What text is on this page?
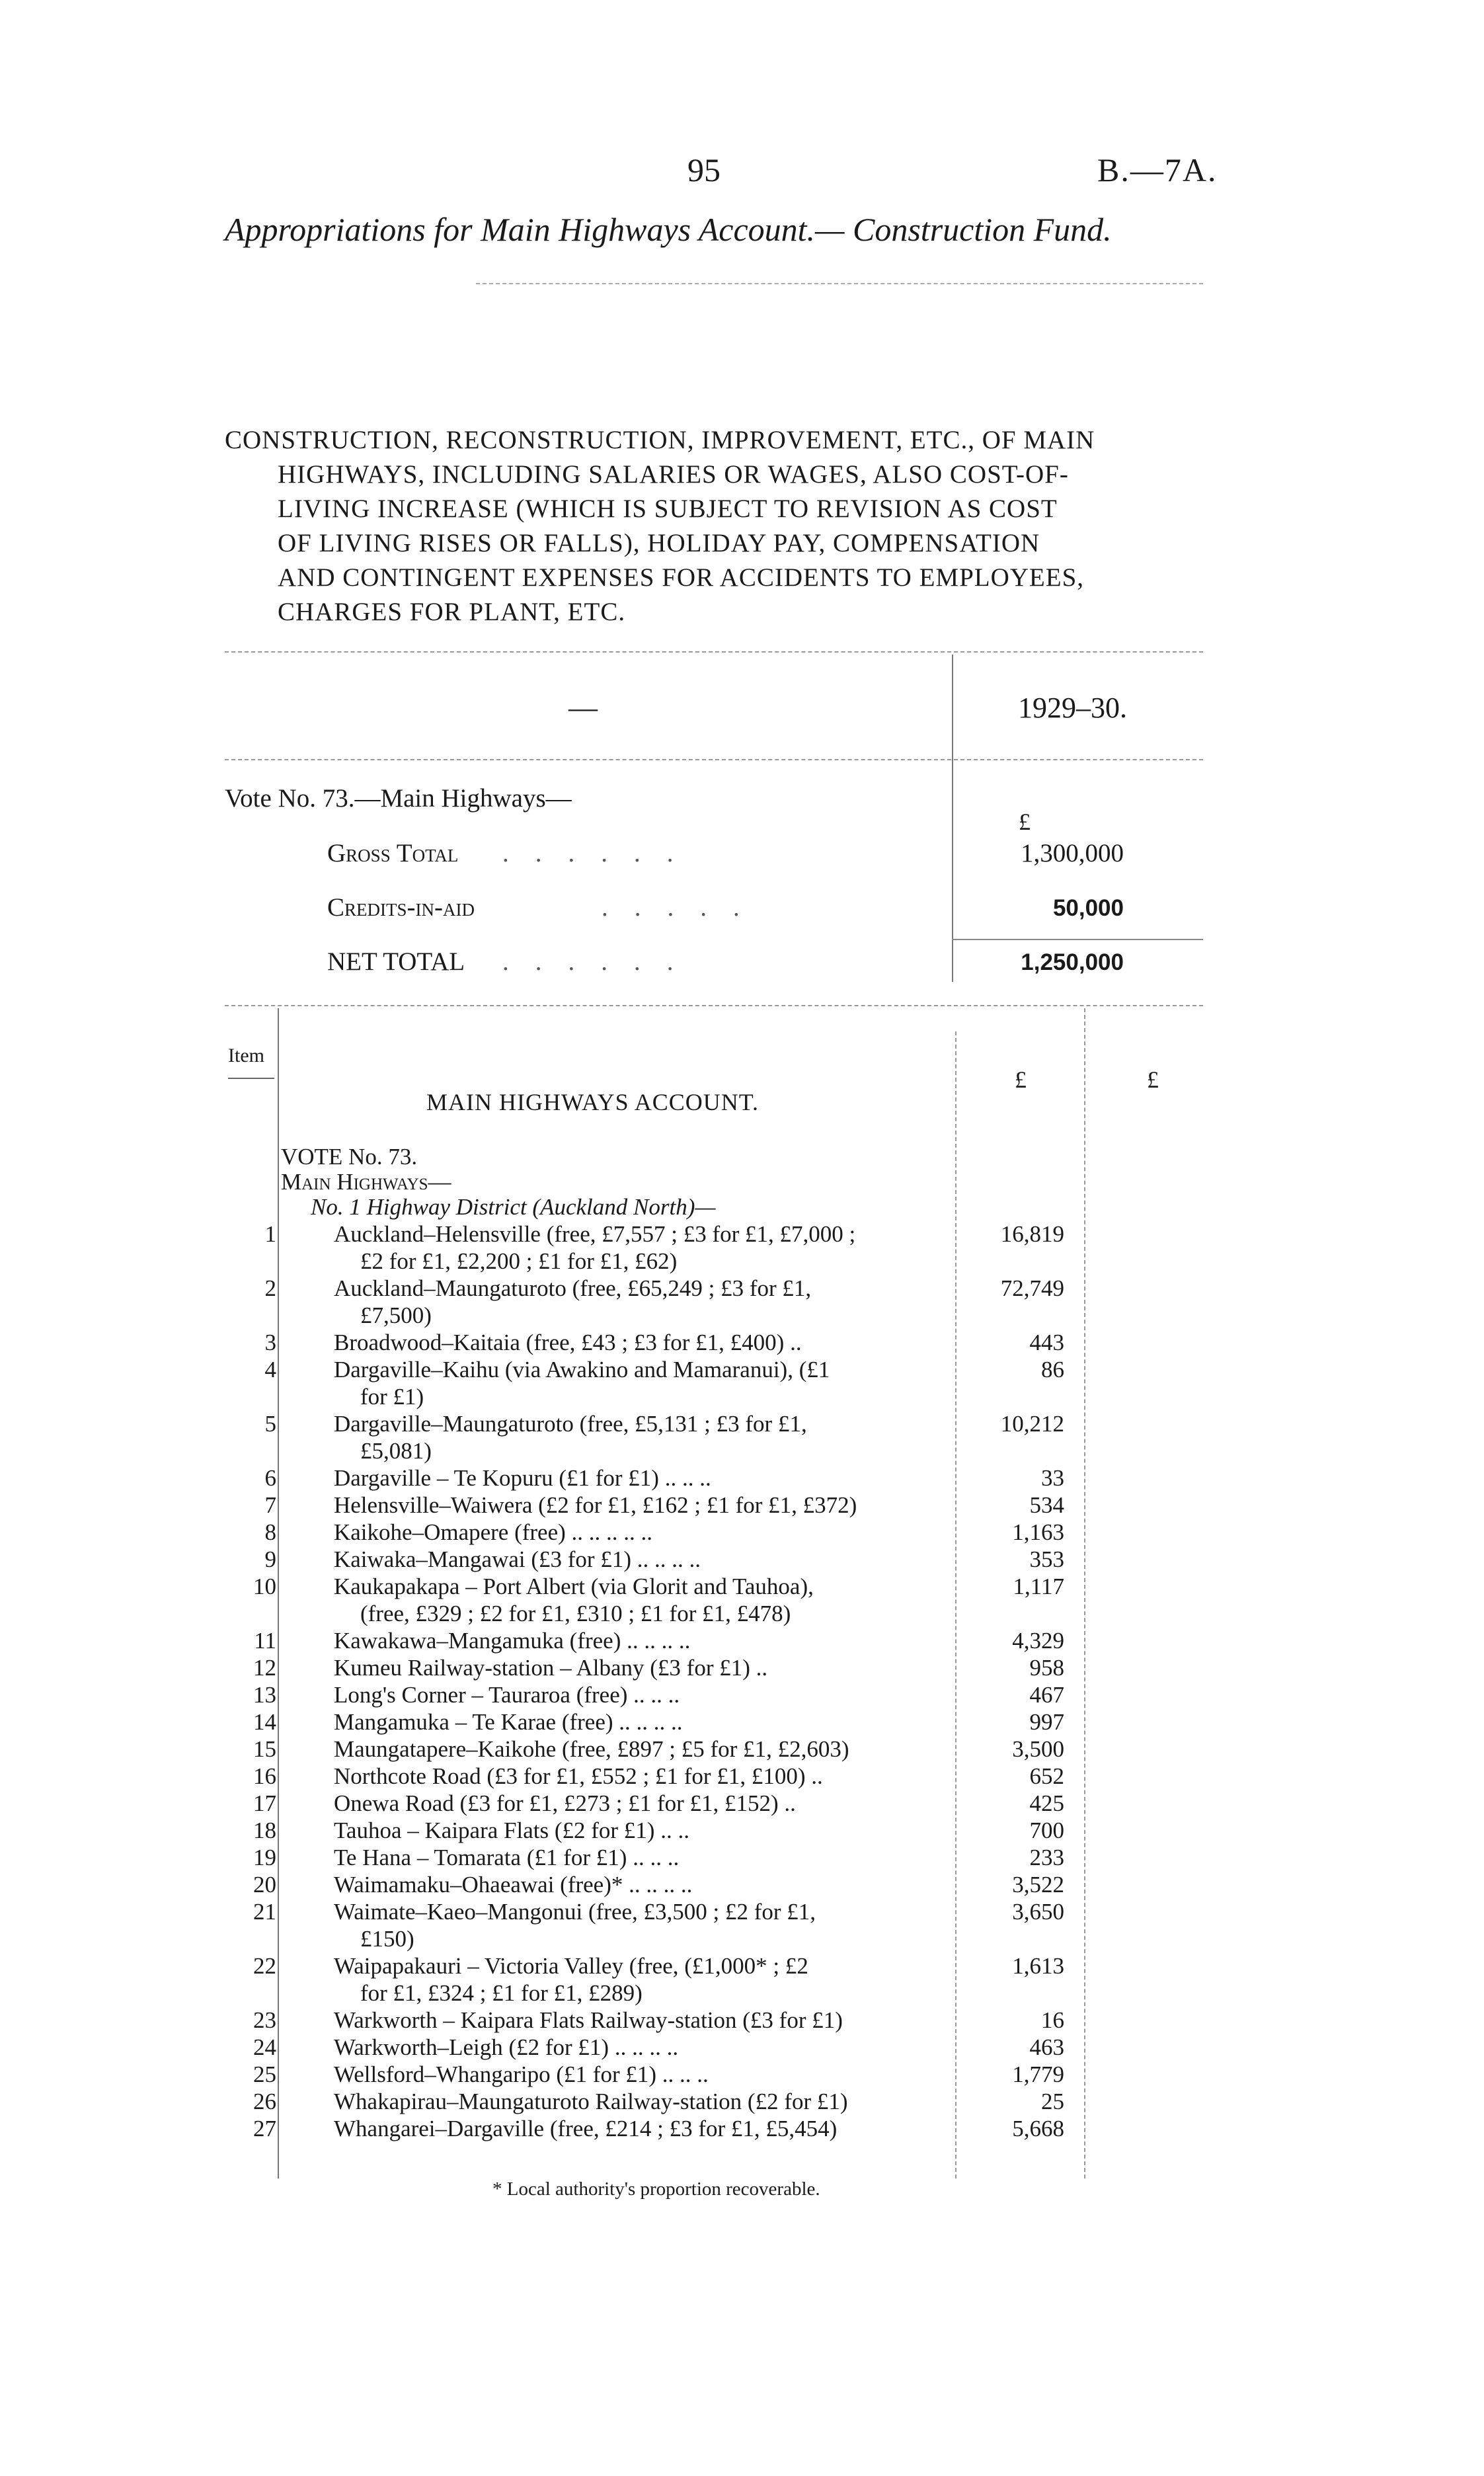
95	B.—7A.
Appropriations for Main Highways Account.— Construction Fund.
CONSTRUCTION, RECONSTRUCTION, IMPROVEMENT, ETC., OF MAIN
HIGHWAYS, INCLUDING SALARIES OR WAGES, ALSO COST-OF-
LIVING INCREASE (WHICH IS SUBJECT TO REVISION AS COST
OF LIVING RISES OR FALLS), HOLIDAY PAY, COMPENSATION
AND CONTINGENT EXPENSES FOR ACCIDENTS TO EMPLOYEES,
CHARGES FOR PLANT, ETC.
—	1929–30.
Vote No. 73.—Main Highways—
£
Gross Total ......	1,300,000
Credits-in-aid	.....	50,000
NET TOTAL ......	1,250,000
Item
£	£
MAIN HIGHWAYS ACCOUNT.
VOTE No. 73.
Main Highways—
No. 1 Highway District (Auckland North)—
1 Auckland–Helensville (free, £7,557 ; £3 for £1, £7,000 ;	16,819
£2 for £1, £2,200 ; £1 for £1, £62)
2 Auckland–Maungaturoto (free, £65,249 ; £3 for £1,	72,749
£7,500)
3 Broadwood–Kaitaia (free, £43 ; £3 for £1, £400) ..	443
4 Dargaville–Kaihu (via Awakino and Mamaranui), (£1	86
for £1)
5 Dargaville–Maungaturoto (free, £5,131 ; £3 for £1,	10,212
£5,081)
6 Dargaville – Te Kopuru (£1 for £1) .. .. ..	33
7 Helensville–Waiwera (£2 for £1, £162 ; £1 for £1, £372)	534
8 Kaikohe–Omapere (free) .. .. .. .. ..	1,163
9 Kaiwaka–Mangawai (£3 for £1) .. .. .. ..	353
10 Kaukapakapa – Port Albert (via Glorit and Tauhoa),	1,117
(free, £329 ; £2 for £1, £310 ; £1 for £1, £478)
11 Kawakawa–Mangamuka (free) .. .. .. ..	4,329
12 Kumeu Railway-station – Albany (£3 for £1) ..	958
13 Long's Corner – Tauraroa (free) .. .. ..	467
14 Mangamuka – Te Karae (free) .. .. .. ..	997
15 Maungatapere–Kaikohe (free, £897 ; £5 for £1, £2,603)	3,500
16 Northcote Road (£3 for £1, £552 ; £1 for £1, £100) ..	652
17 Onewa Road (£3 for £1, £273 ; £1 for £1, £152) ..	425
18 Tauhoa – Kaipara Flats (£2 for £1) .. ..	700
19 Te Hana – Tomarata (£1 for £1) .. .. ..	233
20 Waimamaku–Ohaeawai (free)* .. .. .. ..	3,522
21 Waimate–Kaeo–Mangonui (free, £3,500 ; £2 for £1,	3,650
£150)
22 Waipapakauri – Victoria Valley (free, (£1,000* ; £2	1,613
for £1, £324 ; £1 for £1, £289)
23 Warkworth – Kaipara Flats Railway-station (£3 for £1)	16
24 Warkworth–Leigh (£2 for £1) .. .. .. ..	463
25 Wellsford–Whangaripo (£1 for £1) .. .. ..	1,779
26 Whakapirau–Maungaturoto Railway-station (£2 for £1)	25
27 Whangarei–Dargaville (free, £214 ; £3 for £1, £5,454)	5,668
* Local authority's proportion recoverable.
